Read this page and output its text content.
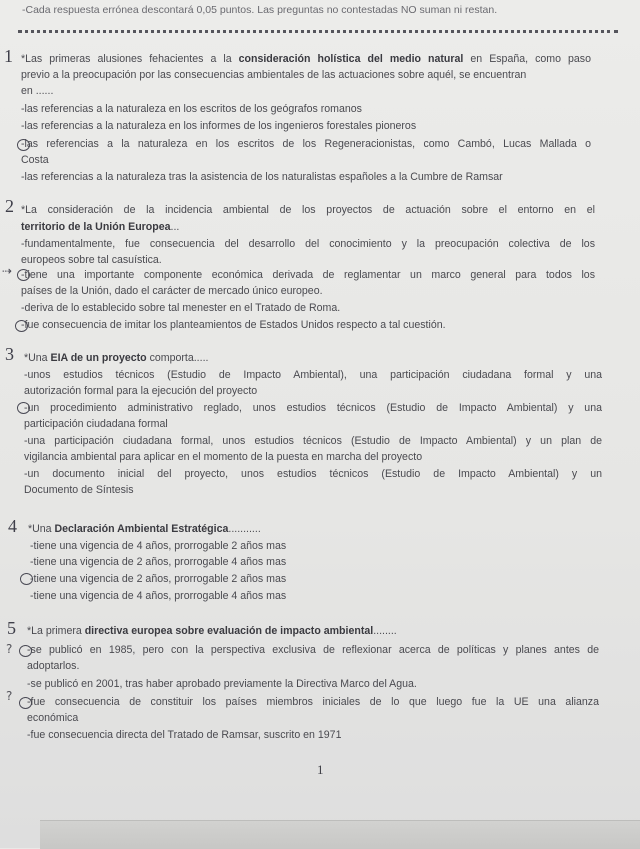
-Cada respuesta errónea descontará 0,05 puntos. Las preguntas no contestadas NO suman ni restan.
1 *Las primeras alusiones fehacientes a la consideración holística del medio natural en España, como paso

previo a la preocupación por las consecuencias ambientales de las actuaciones sobre aquél, se encuentran

en ......

-las referencias a la naturaleza en los escritos de los geógrafos romanos

-las referencias a la naturaleza en los informes de los ingenieros forestales pioneros

-las referencias a la naturaleza en los escritos de los Regeneracionistas, como Cambó, Lucas Mallada o

Costa

-las referencias a la naturaleza tras la asistencia de los naturalistas españoles a la Cumbre de Ramsar

2 *La consideración de la incidencia ambiental de los proyectos de actuación sobre el entorno en el

territorio de la Unión Europea...

-fundamentalmente, fue consecuencia del desarrollo del conocimiento y la preocupación colectiva de los

europeos sobre tal casuística.

⇢ -tiene una importante componente económica derivada de reglamentar un marco general para todos los

países de la Unión, dado el carácter de mercado único europeo.

-deriva de lo establecido sobre tal menester en el Tratado de Roma.

-fue consecuencia de imitar los planteamientos de Estados Unidos respecto a tal cuestión.

3 *Una EIA de un proyecto comporta.....

-unos estudios técnicos (Estudio de Impacto Ambiental), una participación ciudadana formal y una

autorización formal para la ejecución del proyecto

-un procedimiento administrativo reglado, unos estudios técnicos (Estudio de Impacto Ambiental) y una

participación ciudadana formal

-una participación ciudadana formal, unos estudios técnicos (Estudio de Impacto Ambiental) y un plan de

vigilancia ambiental para aplicar en el momento de la puesta en marcha del proyecto

-un documento inicial del proyecto, unos estudios técnicos (Estudio de Impacto Ambiental) y un

Documento de Síntesis

4 *Una Declaración Ambiental Estratégica...........

-tiene una vigencia de 4 años, prorrogable 2 años mas

-tiene una vigencia de 2 años, prorrogable 4 años mas

-tiene una vigencia de 2 años, prorrogable 2 años mas

-tiene una vigencia de 4 años, prorrogable 4 años mas

5 *La primera directiva europea sobre evaluación de impacto ambiental........

? -se publicó en 1985, pero con la perspectiva exclusiva de reflexionar acerca de políticas y planes antes de

adoptarlos.

-se publicó en 2001, tras haber aprobado previamente la Directiva Marco del Agua.

? -fue consecuencia de constituir los países miembros iniciales de lo que luego fue la UE una alianza

económica

-fue consecuencia directa del Tratado de Ramsar, suscrito en 1971

1
